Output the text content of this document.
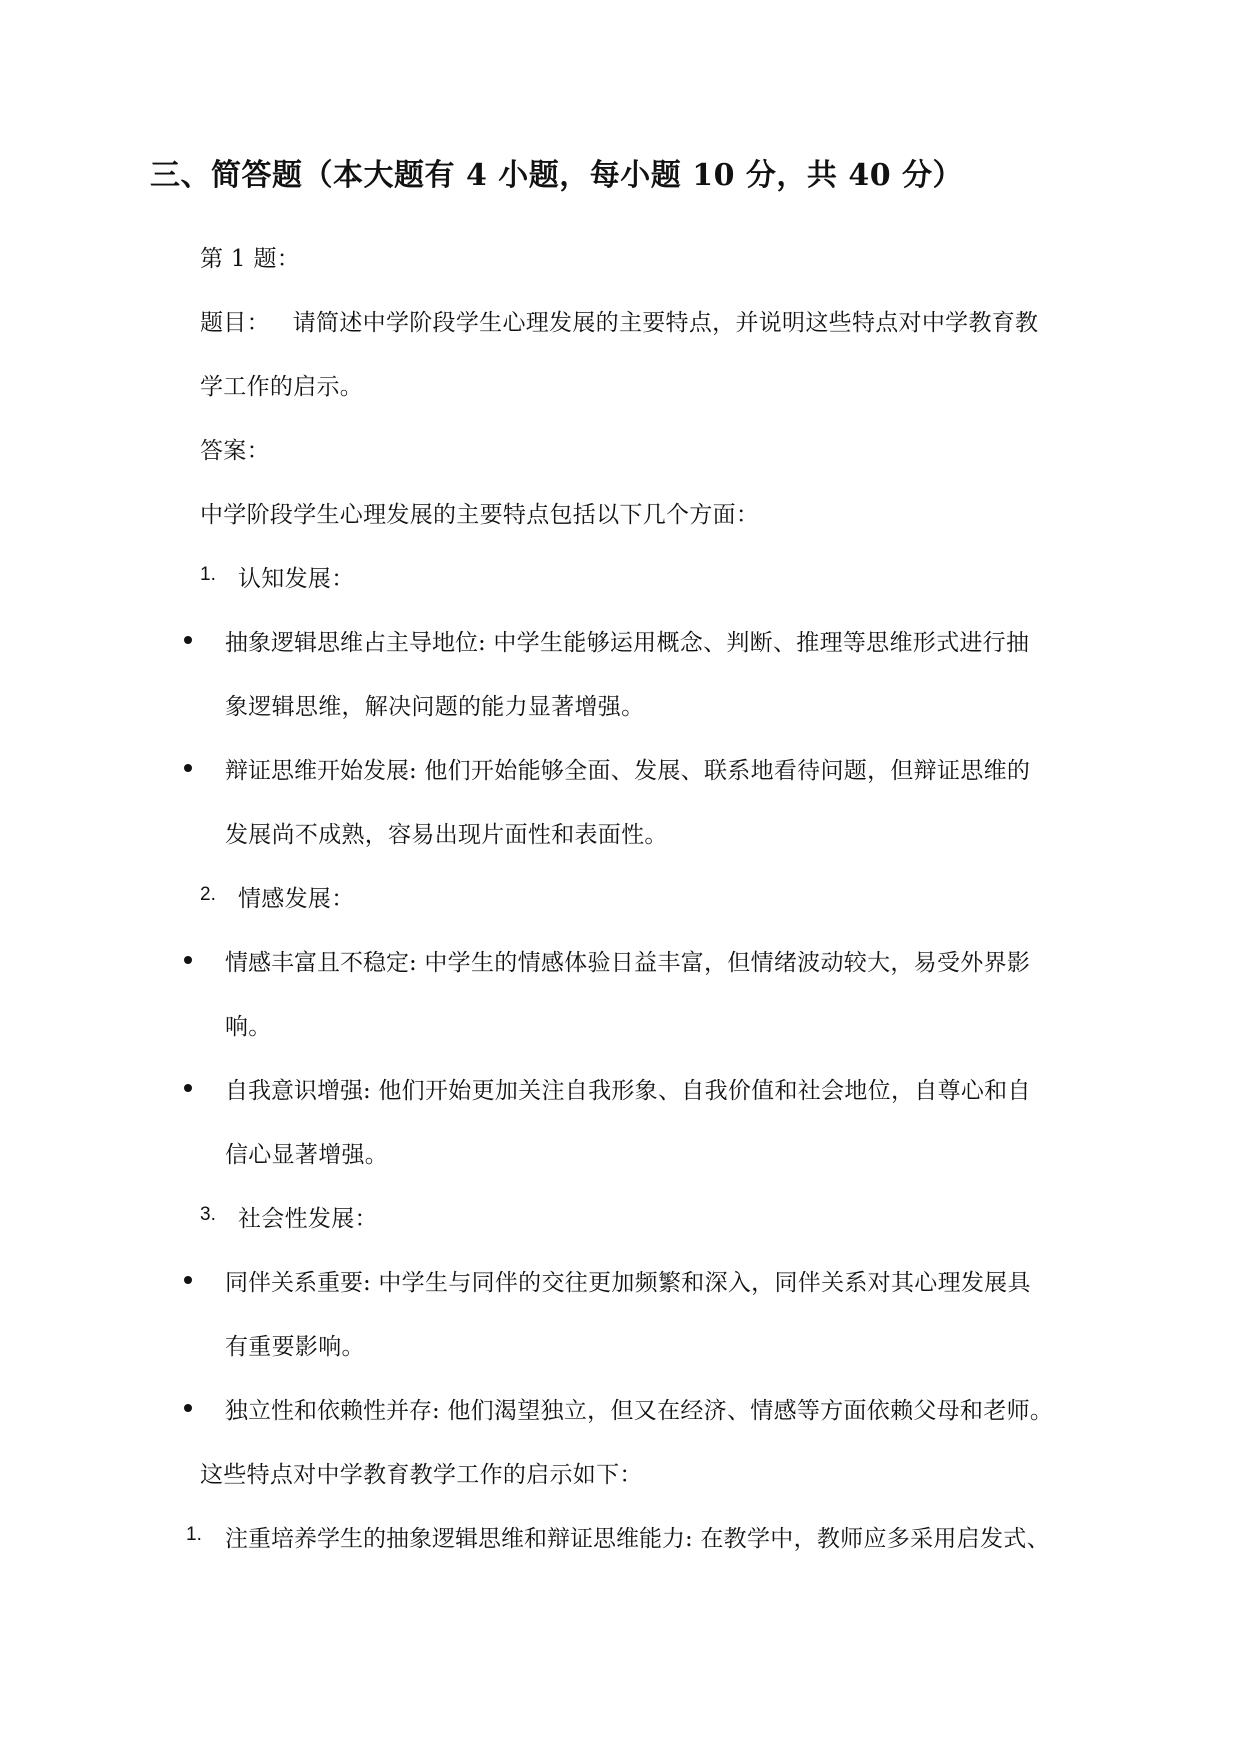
三、简答题（本大题有 4 小题，每小题 10 分，共 40 分）
第 1 题：
题目： 请简述中学阶段学生心理发展的主要特点，并说明这些特点对中学教育教
学工作的启示。
答案：
中学阶段学生心理发展的主要特点包括以下几个方面：
1. 认知发展：
抽象逻辑思维占主导地位: 中学生能够运用概念、判断、推理等思维形式进行抽
象逻辑思维，解决问题的能力显著增强。
辩证思维开始发展: 他们开始能够全面、发展、联系地看待问题，但辩证思维的
发展尚不成熟，容易出现片面性和表面性。
2. 情感发展：
情感丰富且不稳定: 中学生的情感体验日益丰富，但情绪波动较大，易受外界影
响。
自我意识增强: 他们开始更加关注自我形象、自我价值和社会地位，自尊心和自
信心显著增强。
3. 社会性发展：
同伴关系重要: 中学生与同伴的交往更加频繁和深入，同伴关系对其心理发展具
有重要影响。
独立性和依赖性并存: 他们渴望独立，但又在经济、情感等方面依赖父母和老师。
这些特点对中学教育教学工作的启示如下：
1. 注重培养学生的抽象逻辑思维和辩证思维能力: 在教学中，教师应多采用启发式、
